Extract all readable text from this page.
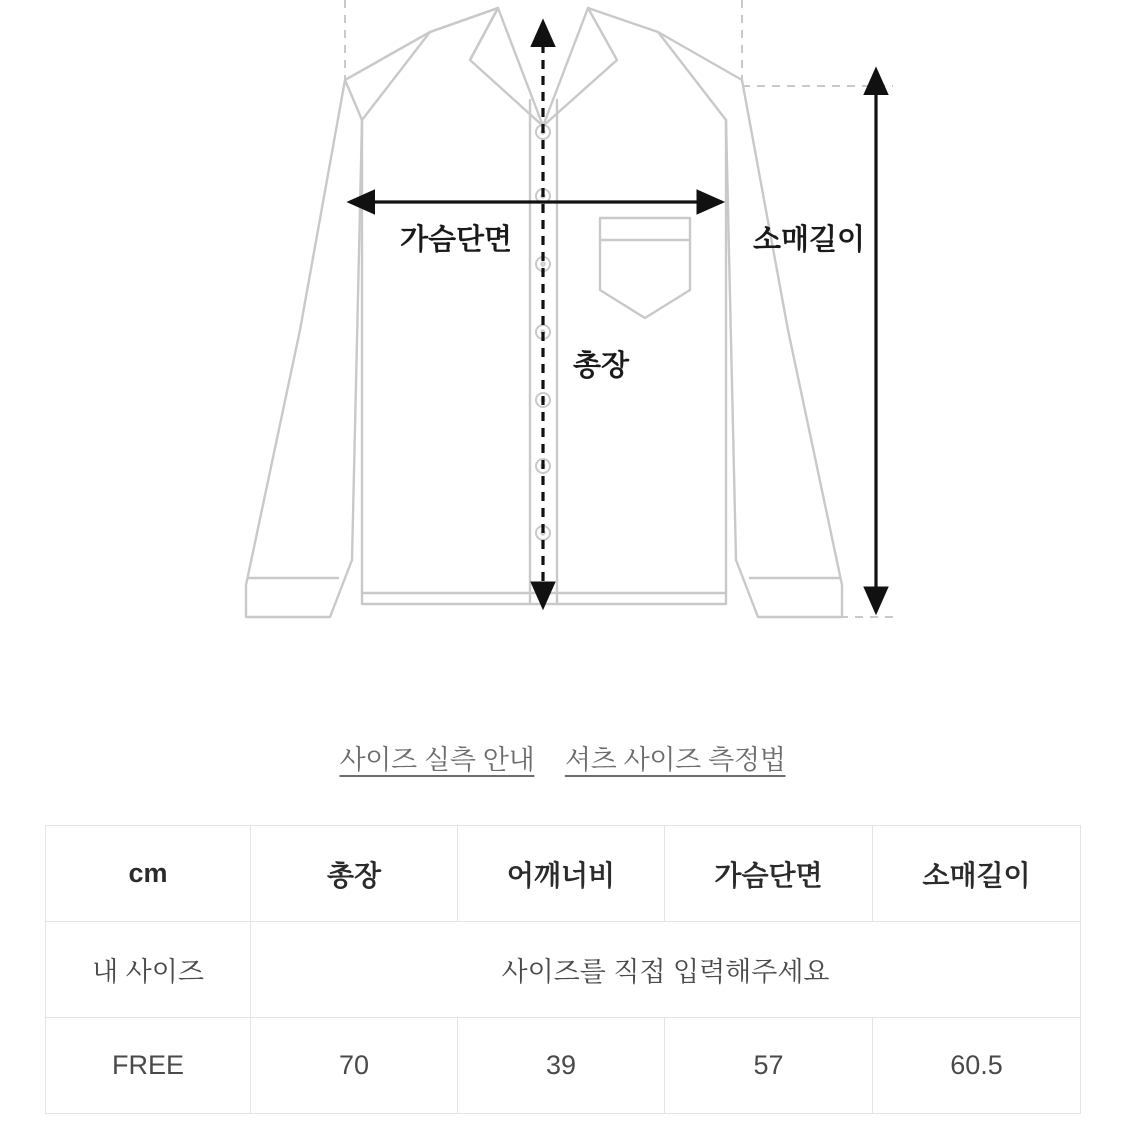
가슴단면
총장
소매길이
사이즈 실측 안내 셔츠 사이즈 측정법
cm	총장	어깨너비	가슴단면	소매길이
내 사이즈	사이즈를 직접 입력해주세요			
FREE	70	39	57	60.5
